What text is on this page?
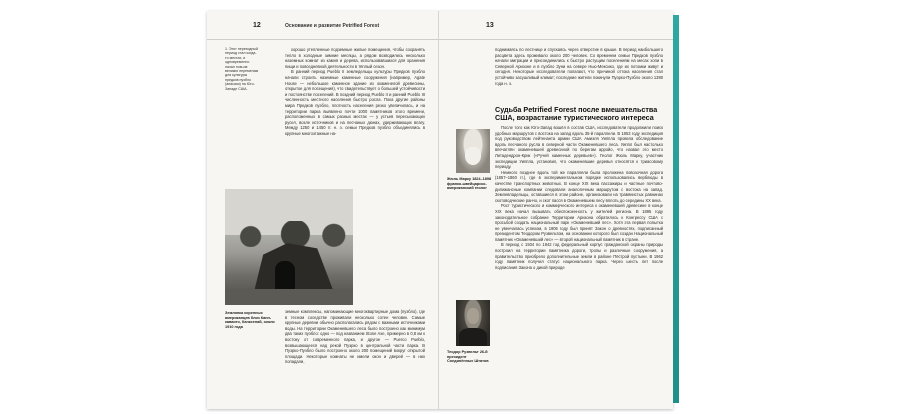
12	Основание и развитие Petrified Forest
1. Этот переходный период стал когда-то местах, и одновременно начал пом-ив великих переменам для культуры предков пуэбло (анасази) на Юго-Западе США.

хорошо утепленные подземные жилые помещения, чтобы сохранять тепло в холодные зимние месяцы, а рядом возводились несколько наземных комнат из камня и дерева, использовавшихся для хранения пищи и повседневной деятельности в тёплый сезон.

В ранний период Pueblo II земледельцы культуры Предков пуэбло начали строить наземные каменные сооружения (например, Agate House — небольшое каменное здание из окаменелой древесины, открытое для посещения), что свидетельствует о большей устойчивости и постоянстве поселений. В поздний период Pueblo II и ранний Pueblo III численность местного населения быстро росла. Пока другие районы мира Предков пуэбло, плотность населения резко увеличилась, и на территории парка выявлено почти 1000 памятников этого времени, расположенных в самых разных местах — у устьев пересыхающих русел, возле источников и на песчаных дюнах, удерживающих влагу. Между 1250 и 1450 гг. н. э. семьи Предков пуэбло объединялись в крупные многоэтажные на-

Землянка коренных американцев близ Канн-каваито, Канксенай, около 1910 года

земные комплексы, напоминающие многоквартирные дома (пуэбло), где в тесном соседстве проживали несколько сотен человек. Самые крупные деревни обычно располагались рядом с важными источниками воды. На территории Окаменевшего леса было построено как минимум два таких пуэбло: одно — под названием Stone Axe, примерно в 0,8 км к востоку от современного парка, и другое — Puerco Pueblo, возвышающееся над рекой Пуэрко в центральной части парка. В Пуэрко-Пуэбло было построено около 200 помещений вокруг открытой площади. Некоторые комнаты не имели окон и дверей — в них попадали,

13

поднимаясь по лестнице и спускаясь через отверстие в крыше. В период наибольшего расцвета здесь проживало около 200 человек. Со временем семьи Предков пуэбло начали миграции и присоединились к быстро растущим поселениям на месах хопи в Северной Аризоне и в пуэбло Зуни на севере Нью-Мексико, где их потомки живут и сегодня. Некоторые исследователи полагают, что причиной оттока населения стал устойчиво засушливый климат; последние жители покинули Пуэрко-Пуэбло около 1380 года н. э.

Судьба Petrified Forest после вмешательства США, возрастание туристического интереса
Жюль Марку 1824–1898 франко-швейцарско-американский геолог
Теодор Рузвельт 26-й президент Соединённых Штатов

После того как Юго-Запад вошёл в состав США, исследователи продолжили поиск удобных маршрутов с востока на запад вдоль 35-й параллели. В 1853 году экспедиция под руководством лейтенанта армии США Амиэля Уиппла провела обследование вдоль песчаного русла в северной части Окаменевшего леса. Уиппл был настолько впечатлён окаменевшей древесиной по берегам арройо, что назвал это место Литадендрон-Крик («Ручей каменных деревьев»). Геолог Жюль Марку, участник экспедиции Уиппла, установил, что окаменевшие деревья относятся к триасовому периоду.

Немного позднее вдоль той же параллели была проложена повозочная дорога (1857–1860 гг.), где в экспериментальном порядке использовались верблюды в качестве транспортных животных. В конце XIX века пассажиры и частные почтово-дилижансные компании следовали аналогичным маршрутом с востока на запад. Землевладельцы, оставшиеся в этом районе, организовали на травянистых равнинах скотоводческие ранчо, и скот пасся в Окаменевшем лесу вплоть до середины XX века.

Рост туристического и коммерческого интереса к окаменевшей древесине в конце XIX века начал вызывать обеспокоенность у жителей региона. В 1895 году законодательное собрание Территории Аризона обратилось к Конгрессу США с просьбой создать национальный парк «Окаменевший лес». Хотя эта первая попытка не увенчалась успехом, в 1906 году был принят Закон о древностях, подписанный президентом Теодором Рузвельтом, на основании которого был создан Национальный памятник «Окаменевший лес» — второй национальный памятник в стране.

В период с 1934 по 1942 год федеральный корпус гражданской охраны природы построил на территории памятника дороги, тропы и различные сооружения, а правительство приобрело дополнительные земли в районе Пёстрой пустыни. В 1962 году памятник получил статус национального парка. Через шесть лет после подписания Закона о дикой природе
